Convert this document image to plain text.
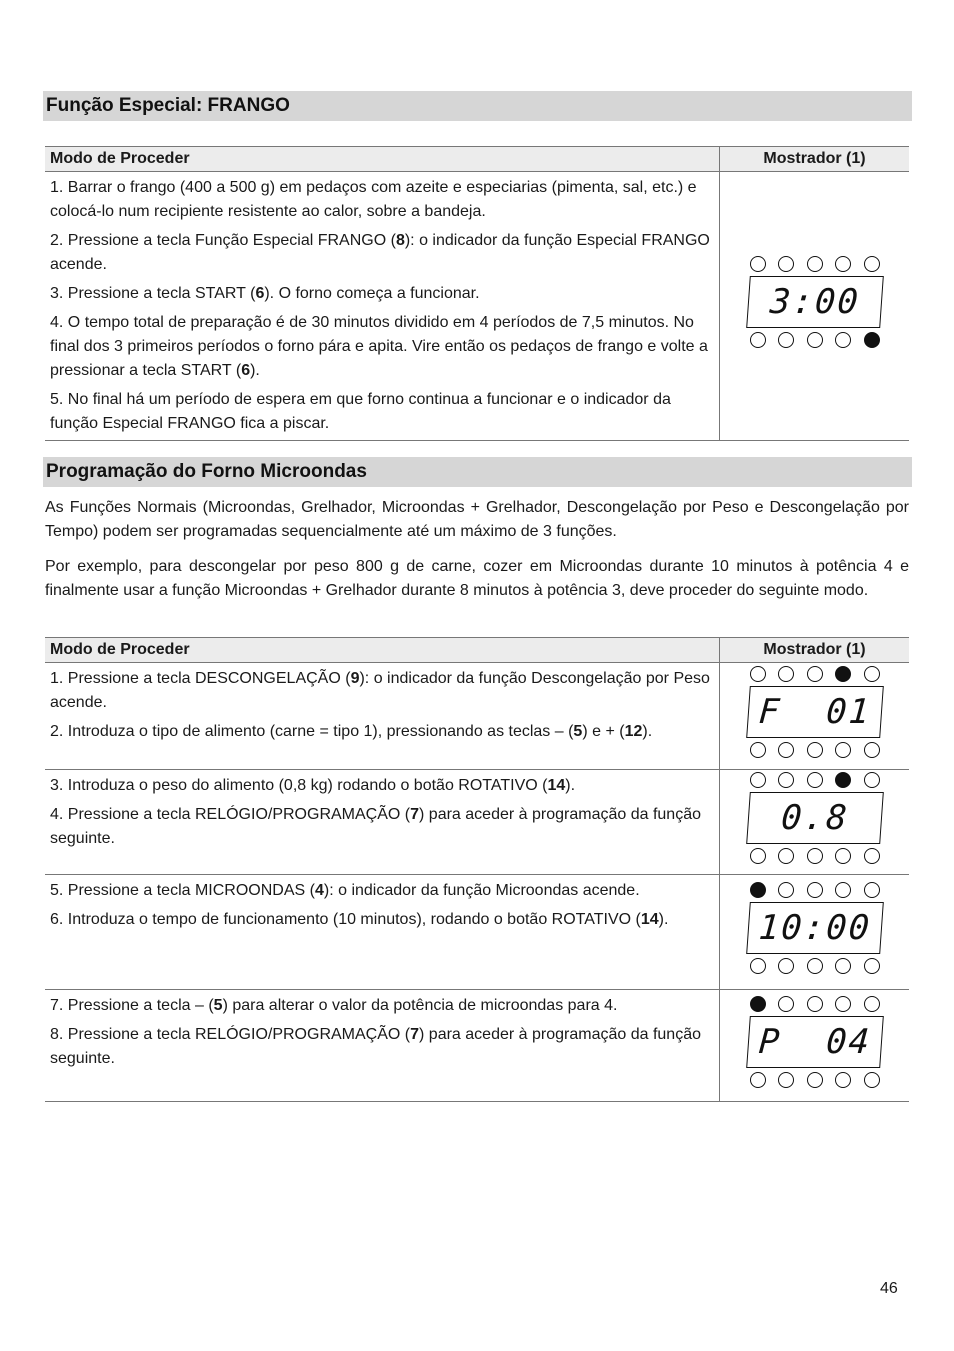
Função Especial: FRANGO
Modo de Proceder	Mostrador (1)

1. Barrar o frango (400 a 500 g) em pedaços com azeite e especiarias (pimenta, sal, etc.) e colocá-lo num recipiente resistente ao calor, sobre a bandeja.

2. Pressione a tecla Função Especial FRANGO (8): o indicador da função Especial FRANGO acende.

3. Pressione a tecla START (6). O forno começa a funcionar.

4. O tempo total de preparação é de 30 minutos dividido em 4 períodos de 7,5 minutos. No final dos 3 primeiros períodos o forno pára e apita. Vire então os pedaços de frango e volte a pressionar a tecla START (6).

5. No final há um período de espera em que forno continua a funcionar e o indicador da função Especial FRANGO fica a piscar.	3:00
Programação do Forno Microondas

As Funções Normais (Microondas, Grelhador, Microondas + Grelhador, Descongelação por Peso e Descongelação por Tempo) podem ser programadas sequencialmente até um máximo de 3 funções.

Por exemplo, para descongelar por peso 800 g de carne, cozer em Microondas durante 10 minutos à potência 4 e finalmente usar a função Microondas + Grelhador durante 8 minutos à potência 3, deve proceder do seguinte modo.

Modo de Proceder	Mostrador (1)

1. Pressione a tecla DESCONGELAÇÃO (9): o indicador da função Descongelação por Peso acende.

2. Introduza o tipo de alimento (carne = tipo 1), pressionando as teclas – (5) e + (12).	F  01

3. Introduza o peso do alimento (0,8 kg) rodando o botão ROTATIVO (14).

4. Pressione a tecla RELÓGIO/PROGRAMAÇÃO (7) para aceder à programação da função seguinte.	0.8

5. Pressione a tecla MICROONDAS (4): o indicador da função Microondas acende.

6. Introduza o tempo de funcionamento (10 minutos), rodando o botão ROTATIVO (14).	10:00

7. Pressione a tecla – (5) para alterar o valor da potência de microondas para 4.

8. Pressione a tecla RELÓGIO/PROGRAMAÇÃO (7) para aceder à programação da função seguinte.	P  04
46
